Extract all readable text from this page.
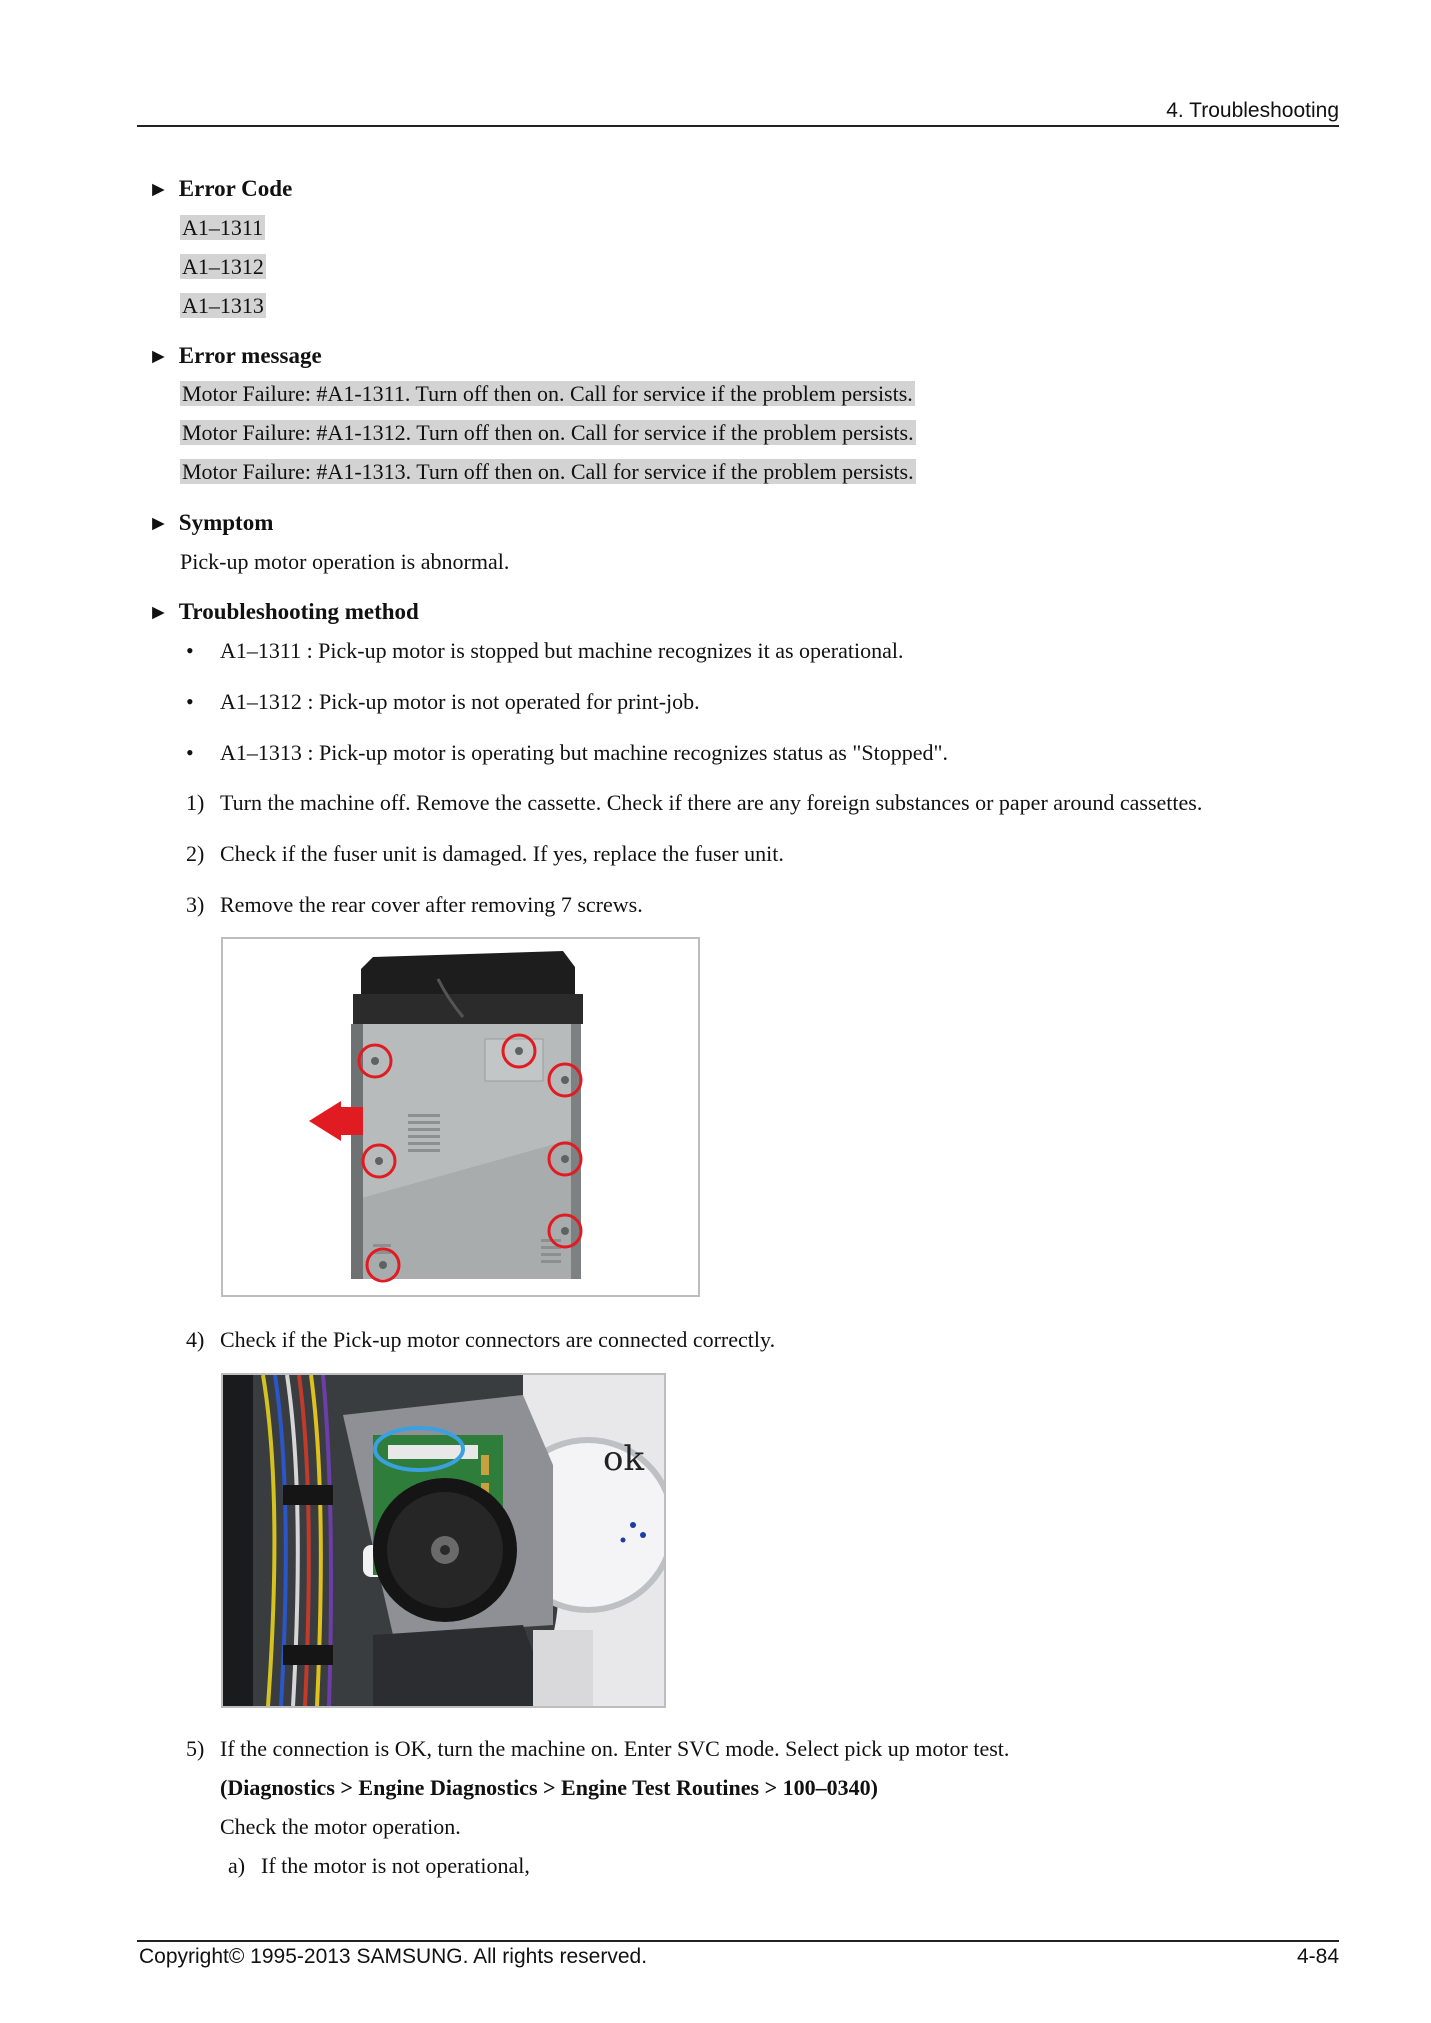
4. Troubleshooting
► Error Code
A1–1311
A1–1312
A1–1313
► Error message
Motor Failure: #A1-1311. Turn off then on. Call for service if the problem persists.
Motor Failure: #A1-1312. Turn off then on. Call for service if the problem persists.
Motor Failure: #A1-1313. Turn off then on. Call for service if the problem persists.
► Symptom
Pick-up motor operation is abnormal.
► Troubleshooting method
• A1–1311 : Pick-up motor is stopped but machine recognizes it as operational.
• A1–1312 : Pick-up motor is not operated for print-job.
• A1–1313 : Pick-up motor is operating but machine recognizes status as "Stopped".
1) Turn the machine off. Remove the cassette. Check if there are any foreign substances or paper around cassettes.
2) Check if the fuser unit is damaged. If yes, replace the fuser unit.
3) Remove the rear cover after removing 7 screws.
4) Check if the Pick-up motor connectors are connected correctly.
ok
5) If the connection is OK, turn the machine on. Enter SVC mode. Select pick up motor test.
(Diagnostics > Engine Diagnostics > Engine Test Routines > 100–0340)
Check the motor operation.
a) If the motor is not operational,
Copyright© 1995-2013 SAMSUNG. All rights reserved.	4-84
